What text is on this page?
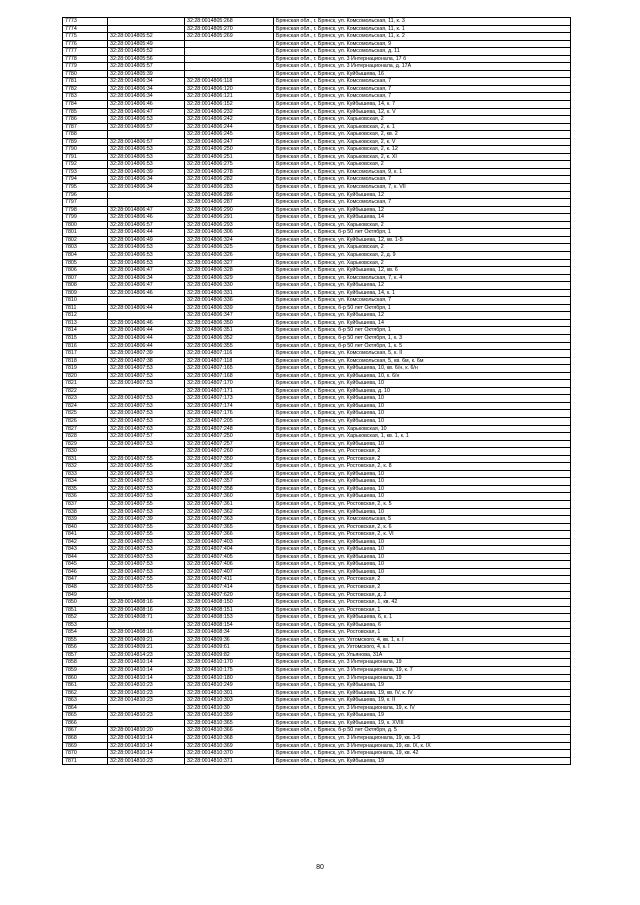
7773		32:28:0014805:268	Брянская обл., г. Брянск, ул. Комсомольская, 11, к. 3
7774		32:28:0014805:270	Брянская обл., г. Брянск, ул. Комсомольская, 11, к. 1
7775	32:28:0014805:52	32:28:0014805:269	Брянская обл., г. Брянск, ул. Комсомольская, 11, к. 2
7776	32:28:0014805:49		Брянская обл., г. Брянск, ул. Комсомольская, 9
7777	32:28:0014805:52		Брянская обл., г. Брянск, ул. Комсомольская, д. 11
7778	32:28:0014805:56		Брянская обл., г. Брянск, ул. 3 Интернационала, 17 б
7779	32:28:0014805:57		Брянская обл., г. Брянск, ул. 3 Интернационала, д. 17А
7780	32:28:0014805:39		Брянская обл., г. Брянск, ул. Куйбышева, 16
7781	32:28:0014806:34	32:28:0014806:118	Брянская обл., г. Брянск, ул. Комсомольская, 7
7782	32:28:0014806:34	32:28:0014806:120	Брянская обл., г. Брянск, ул. Комсомольская, 7
7783	32:28:0014806:34	32:28:0014806:121	Брянская обл., г. Брянск, ул. Комсомольская, 7
7784	32:28:0014806:46	32:28:0014806:152	Брянская обл., г. Брянск, ул. Куйбышева, 14, к. 7
7785	32:28:0014806:47	32:28:0014806:232	Брянская обл., г. Брянск, ул. Куйбышева, 12, к. V
7786	32:28:0014806:53	32:28:0014806:242	Брянская обл., г. Брянск, ул. Харьковская, 2
7787	32:28:0014806:57	32:28:0014806:244	Брянская обл., г. Брянск, ул. Харьковская, 2, к. 1
7788		32:28:0014806:245	Брянская обл., г. Брянск, ул. Харьковская, 2, кв. 2
7789	32:28:0014806:57	32:28:0014806:247	Брянская обл., г. Брянск, ул. Харьковская, 2, к. V
7790	32:28:0014806:53	32:28:0014806:250	Брянская обл., г. Брянск, ул. Харьковская, 2, к. 12
7791	32:28:0014806:53	32:28:0014806:251	Брянская обл., г. Брянск, ул. Харьковская, 2, к. XI
7792	32:28:0014806:53	32:28:0014806:275	Брянская обл., г. Брянск, ул. Харьковская, 2
7793	32:28:0014806:39	32:28:0014806:278	Брянская обл., г. Брянск, ул. Комсомольская, 9, к. 1
7794	32:28:0014806:34	32:28:0014806:282	Брянская обл., г. Брянск, ул. Комсомольская, 7
7795	32:28:0014806:34	32:28:0014806:283	Брянская обл., г. Брянск, ул. Комсомольская, 7, к. VII
7796		32:28:0014806:286	Брянская обл., г. Брянск, ул. Куйбышева, 12
7797		32:28:0014806:287	Брянская обл., г. Брянск, ул. Комсомольская, 7
7798	32:28:0014806:47	32:28:0014806:290	Брянская обл., г. Брянск, ул. Куйбышева, 12
7799	32:28:0014806:46	32:28:0014806:291	Брянская обл., г. Брянск, ул. Куйбышева, 14
7800	32:28:0014806:57	32:28:0014806:293	Брянская обл., г. Брянск, ул. Харьковская, 2
7801	32:28:0014806:44	32:28:0014806:306	Брянская обл., г. Брянск, б-р 50 лет Октября, 1
7802	32:28:0014806:49	32:28:0014806:324	Брянская обл., г. Брянск, ул. Куйбышева, 12, кв. 1-5
7803	32:28:0014806:53	32:28:0014806:325	Брянская обл., г. Брянск, ул. Харьковская, 2
7804	32:28:0014806:53	32:28:0014806:326	Брянская обл., г. Брянск, ул. Харьковская, 2, д. 9
7805	32:28:0014806:53	32:28:0014806:327	Брянская обл., г. Брянск, ул. Харьковская, 2
7806	32:28:0014806:47	32:28:0014806:328	Брянская обл., г. Брянск, ул. Куйбышева, 12, кв. 6
7807	32:28:0014806:34	32:28:0014806:329	Брянская обл., г. Брянск, ул. Комсомольская, 7, к. 4
7808	32:28:0014806:47	32:28:0014806:330	Брянская обл., г. Брянск, ул. Куйбышева, 12
7809	32:28:0014806:46	32:28:0014806:331	Брянская обл., г. Брянск, ул. Куйбышева, 14, к. 1
7810		32:28:0014806:336	Брянская обл., г. Брянск, ул. Комсомольская, 7
7811	32:28:0014806:44	32:28:0014806:339	Брянская обл., г. Брянск, б-р 50 лет Октября, 1
7812		32:28:0014806:347	Брянская обл., г. Брянск, ул. Куйбышева, 12
7813	32:28:0014806:46	32:28:0014806:350	Брянская обл., г. Брянск, ул. Куйбышева, 14
7814	32:28:0014806:44	32:28:0014806:351	Брянская обл., г. Брянск, б-р 50 лет Октября, 1
7815	32:28:0014806:44	32:28:0014806:352	Брянская обл., г. Брянск, б-р 50 лет Октября, 1, к. 3
7816	32:28:0014806:44	32:28:0014806:355	Брянская обл., г. Брянск, б-р 50 лет Октября, 1, к. 5
7817	32:28:0014807:39	32:28:0014807:116	Брянская обл., г. Брянск, ул. Комсомольская, 5, к. II
7818	32:28:0014807:38	32:28:0014807:118	Брянская обл., г. Брянск, ул. Комсомольская, 5, кв. 6м, к. 6м
7819	32:28:0014807:53	32:28:0014807:165	Брянская обл., г. Брянск, ул. Куйбышева, 10, кв. 6/н, к. 6/н
7820	32:28:0014807:53	32:28:0014807:168	Брянская обл., г. Брянск, ул. Куйбышева, 10, к. 6/н
7821	32:28:0014807:53	32:28:0014807:170	Брянская обл., г. Брянск, ул. Куйбышева, 10
7822		32:28:0014807:171	Брянская обл., г. Брянск, ул. Куйбышева, д. 10
7823	32:28:0014807:53	32:28:0014807:173	Брянская обл., г. Брянск, ул. Куйбышева, 10
7824	32:28:0014807:53	32:28:0014807:174	Брянская обл., г. Брянск, ул. Куйбышева, 10
7825	32:28:0014807:53	32:28:0014807:176	Брянская обл., г. Брянск, ул. Куйбышева, 10
7826	32:28:0014807:53	32:28:0014807:205	Брянская обл., г. Брянск, ул. Куйбышева, 10
7827	32:28:0014807:63	32:28:0014807:248	Брянская обл., г. Брянск, ул. Харьковская, 10
7828	32:28:0014807:57	32:28:0014807:250	Брянская обл., г. Брянск, ул. Харьковская, 1, кв. 1, к. 1
7829	32:28:0014807:53	32:28:0014807:257	Брянская обл., г. Брянск, ул. Куйбышева, 10
7830		32:28:0014807:260	Брянская обл., г. Брянск, ул. Ростовская, 2
7831	32:28:0014807:55	32:28:0014807:350	Брянская обл., г. Брянск, ул. Ростовская, 2
7832	32:28:0014807:55	32:28:0014807:352	Брянская обл., г. Брянск, ул. Ростовская, 2, к. 8
7833	32:28:0014807:53	32:28:0014807:356	Брянская обл., г. Брянск, ул. Куйбышева, 10
7834	32:28:0014807:53	32:28:0014807:357	Брянская обл., г. Брянск, ул. Куйбышева, 10
7835	32:28:0014807:53	32:28:0014807:358	Брянская обл., г. Брянск, ул. Куйбышева, 10
7836	32:28:0014807:53	32:28:0014807:360	Брянская обл., г. Брянск, ул. Куйбышева, 10
7837	32:28:0014807:55	32:28:0014807:361	Брянская обл., г. Брянск, ул. Ростовская, 2, к. 5
7838	32:28:0014807:53	32:28:0014807:362	Брянская обл., г. Брянск, ул. Куйбышева, 10
7839	32:28:0014807:39	32:28:0014807:363	Брянская обл., г. Брянск, ул. Комсомольская, 5
7840	32:28:0014807:55	32:28:0014807:365	Брянская обл., г. Брянск, ул. Ростовская, 2, к. 6
7841	32:28:0014807:55	32:28:0014807:366	Брянская обл., г. Брянск, ул. Ростовская, 2, к. VI
7842	32:28:0014807:53	32:28:0014807:403	Брянская обл., г. Брянск, ул. Куйбышева, 10
7843	32:28:0014807:53	32:28:0014807:404	Брянская обл., г. Брянск, ул. Куйбышева, 10
7844	32:28:0014807:53	32:28:0014807:405	Брянская обл., г. Брянск, ул. Куйбышева, 10
7845	32:28:0014807:53	32:28:0014807:406	Брянская обл., г. Брянск, ул. Куйбышева, 10
7846	32:28:0014807:53	32:28:0014807:407	Брянская обл., г. Брянск, ул. Куйбышева, 10
7847	32:28:0014807:55	32:28:0014807:411	Брянская обл., г. Брянск, ул. Ростовская, 2
7848	32:28:0014807:55	32:28:0014807:414	Брянская обл., г. Брянск, ул. Ростовская, 2
7849		32:28:0014807:620	Брянская обл., г. Брянск, ул. Ростовская, д. 2
7850	32:28:0014808:16	32:28:0014808:150	Брянская обл., г. Брянск, ул. Ростовская, 1, кв. 42
7851	32:28:0014808:16	32:28:0014808:151	Брянская обл., г. Брянск, ул. Ростовская, 1
7852	32:28:0014808:71	32:28:0014808:153	Брянская обл., г. Брянск, ул. Куйбышева, 6, к. 1
7853		32:28:0014808:154	Брянская обл., г. Брянск, ул. Куйбышева, 6
7854	32:28:0014808:16	32:28:0014808:34	Брянская обл., г. Брянск, ул. Ростовская, 1
7855	32:28:0014809:21	32:28:0014809:36	Брянская обл., г. Брянск, ул. Ухтомского, 4, кв. 1, к. I
7856	32:28:0014809:21	32:28:0014809:61	Брянская обл., г. Брянск, ул. Ухтомского, 4, к. I
7857	32:28:0014814:23	32:28:0014809:82	Брянская обл., г. Брянск, ул. Ульянова, 31А
7858	32:28:0014810:14	32:28:0014810:170	Брянская обл., г. Брянск, ул. 3 Интернационала, 19
7859	32:28:0014810:14	32:28:0014810:175	Брянская обл., г. Брянск, ул. 3 Интернационала, 19, к. 7
7860	32:28:0014810:14	32:28:0014810:180	Брянская обл., г. Брянск, ул. 3 Интернационала, 19
7861	32:28:0014810:23	32:28:0014810:249	Брянская обл., г. Брянск, ул. Куйбышева, 19
7862	32:28:0014810:23	32:28:0014810:301	Брянская обл., г. Брянск, ул. Куйбышева, 19, кв. IV, к. IV
7863	32:28:0014810:23	32:28:0014810:303	Брянская обл., г. Брянск, ул. Куйбышева, 19, к. II
7864		32:28:0014810:30	Брянская обл., г. Брянск, ул. 3 Интернационала, 19, к. IV
7865	32:28:0014810:23	32:28:0014810:359	Брянская обл., г. Брянск, ул. Куйбышева, 19
7866		32:28:0014810:365	Брянская обл., г. Брянск, ул. Куйбышева, 19, к. XVIII
7867	32:28:0014810:20	32:28:0014810:366	Брянская обл., г. Брянск, б-р 50 лет Октября, д. 5
7868	32:28:0014810:14	32:28:0014810:368	Брянская обл., г. Брянск, ул. 3 Интернационала, 19, кв. 1-5
7869	32:28:0014810:14	32:28:0014810:369	Брянская обл., г. Брянск, ул. 3 Интернационала, 19, кв. IX, к. IX
7870	32:28:0014810:14	32:28:0014810:370	Брянская обл., г. Брянск, ул. 3 Интернационала, 19, кв. 42
7871	32:28:0014810:23	32:28:0014810:371	Брянская обл., г. Брянск, ул. Куйбышева, 19
80
